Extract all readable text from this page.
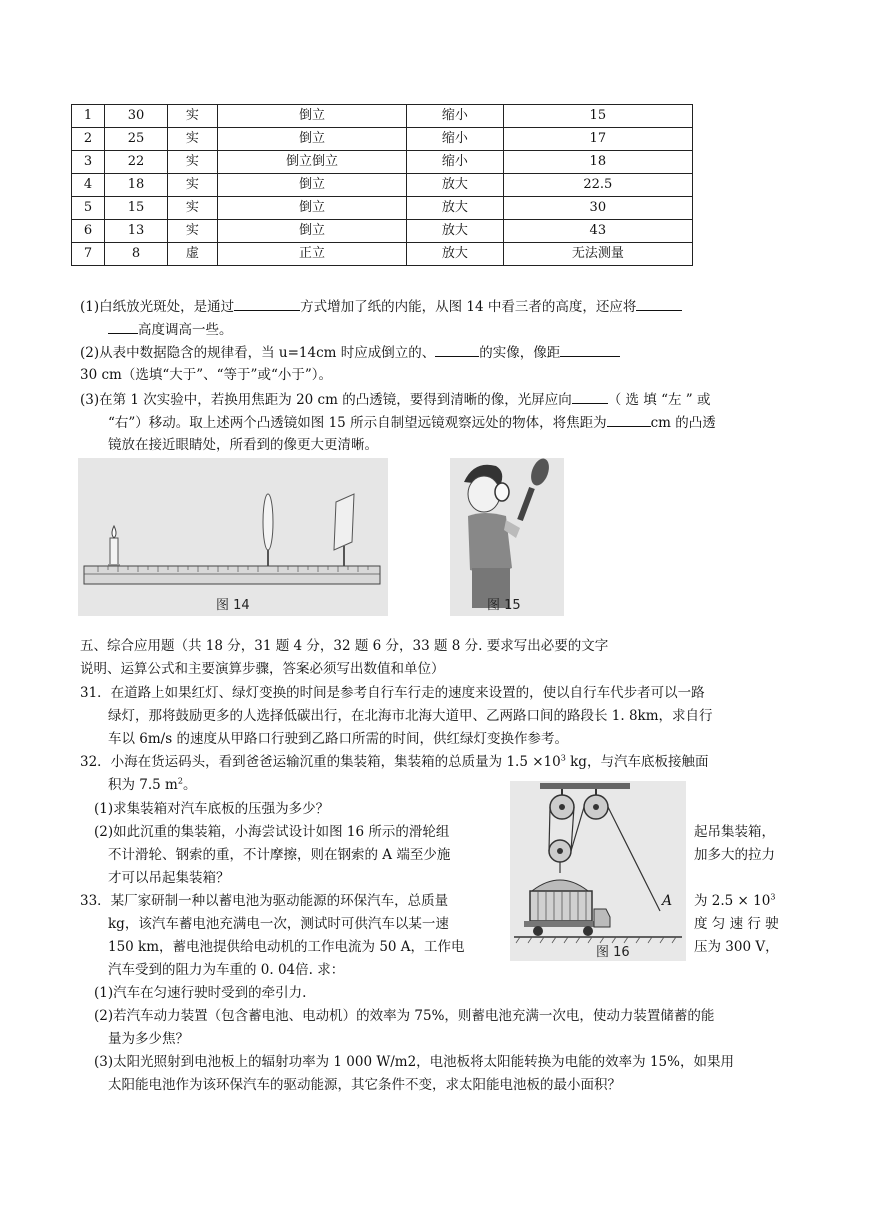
1	30	实	倒立	缩小	15
2	25	实	倒立	缩小	17
3	22	实	倒立倒立	缩小	18
4	18	实	倒立	放大	22.5
5	15	实	倒立	放大	30
6	13	实	倒立	放大	43
7	8	虚	正立	放大	无法测量
(1)白纸放光斑处，是通过	方式增加了纸的内能，从图 14 中看三者的高度，还应将
高度调高一些。
(2)从表中数据隐含的规律看，当 u=14cm 时应成倒立的、	的实像，像距
30 cm（选填“大于”、“等于”或“小于”）。
(3)在第 1 次实验中，若换用焦距为 20 cm 的凸透镜，要得到清晰的像，光屏应向	（ 选 填 “左 ” 或
“右”）移动。取上述两个凸透镜如图 15 所示自制望远镜观察远处的物体，将焦距为	cm 的凸透
镜放在接近眼睛处，所看到的像更大更清晰。
图 14	图 15
五、综合应用题（共 18 分，31 题 4 分，32 题 6 分，33 题 8 分. 要求写出必要的文字
说明、运算公式和主要演算步骤，答案必须写出数值和单位）
31．在道路上如果红灯、绿灯变换的时间是参考自行车行走的速度来设置的，使以自行车代步者可以一路
绿灯，那将鼓励更多的人选择低碳出行，在北海市北海大道甲、乙两路口间的路段长 1. 8km，求自行
车以 6m/s 的速度从甲路口行驶到乙路口所需的时间，供红绿灯变换作参考。
32．小海在货运码头，看到爸爸运输沉重的集装箱，集装箱的总质量为 $1.5 \times 10^3$ kg，与汽车底板接触面
积为 7.5 $m^2$。
(1)求集装箱对汽车底板的压强为多少？
(2)如此沉重的集装箱，小海尝试设计如图 16 所示的滑轮组	起吊集装箱，
不计滑轮、钢索的重，不计摩擦，则在钢索的 A 端至少施	加多大的拉力
才可以吊起集装箱？
33．某厂家研制一种以蓄电池为驱动能源的环保汽车，总质量	为 $2.5 \times 10^3$
kg，该汽车蓄电池充满电一次，测试时可供汽车以某一速	度 匀 速 行 驶
150 km，蓄电池提供给电动机的工作电流为 50 A，工作电	压为 300 V，
汽车受到的阻力为车重的 0. 04倍. 求：
(1)汽车在匀速行驶时受到的牵引力.
(2)若汽车动力装置（包含蓄电池、电动机）的效率为 75%，则蓄电池充满一次电，使动力装置储蓄的能
量为多少焦？
(3)太阳光照射到电池板上的辐射功率为 1 000 W/m2，电池板将太阳能转换为电能的效率为 15%，如果用
太阳能电池作为该环保汽车的驱动能源，其它条件不变，求太阳能电池板的最小面积？
A
图 16
